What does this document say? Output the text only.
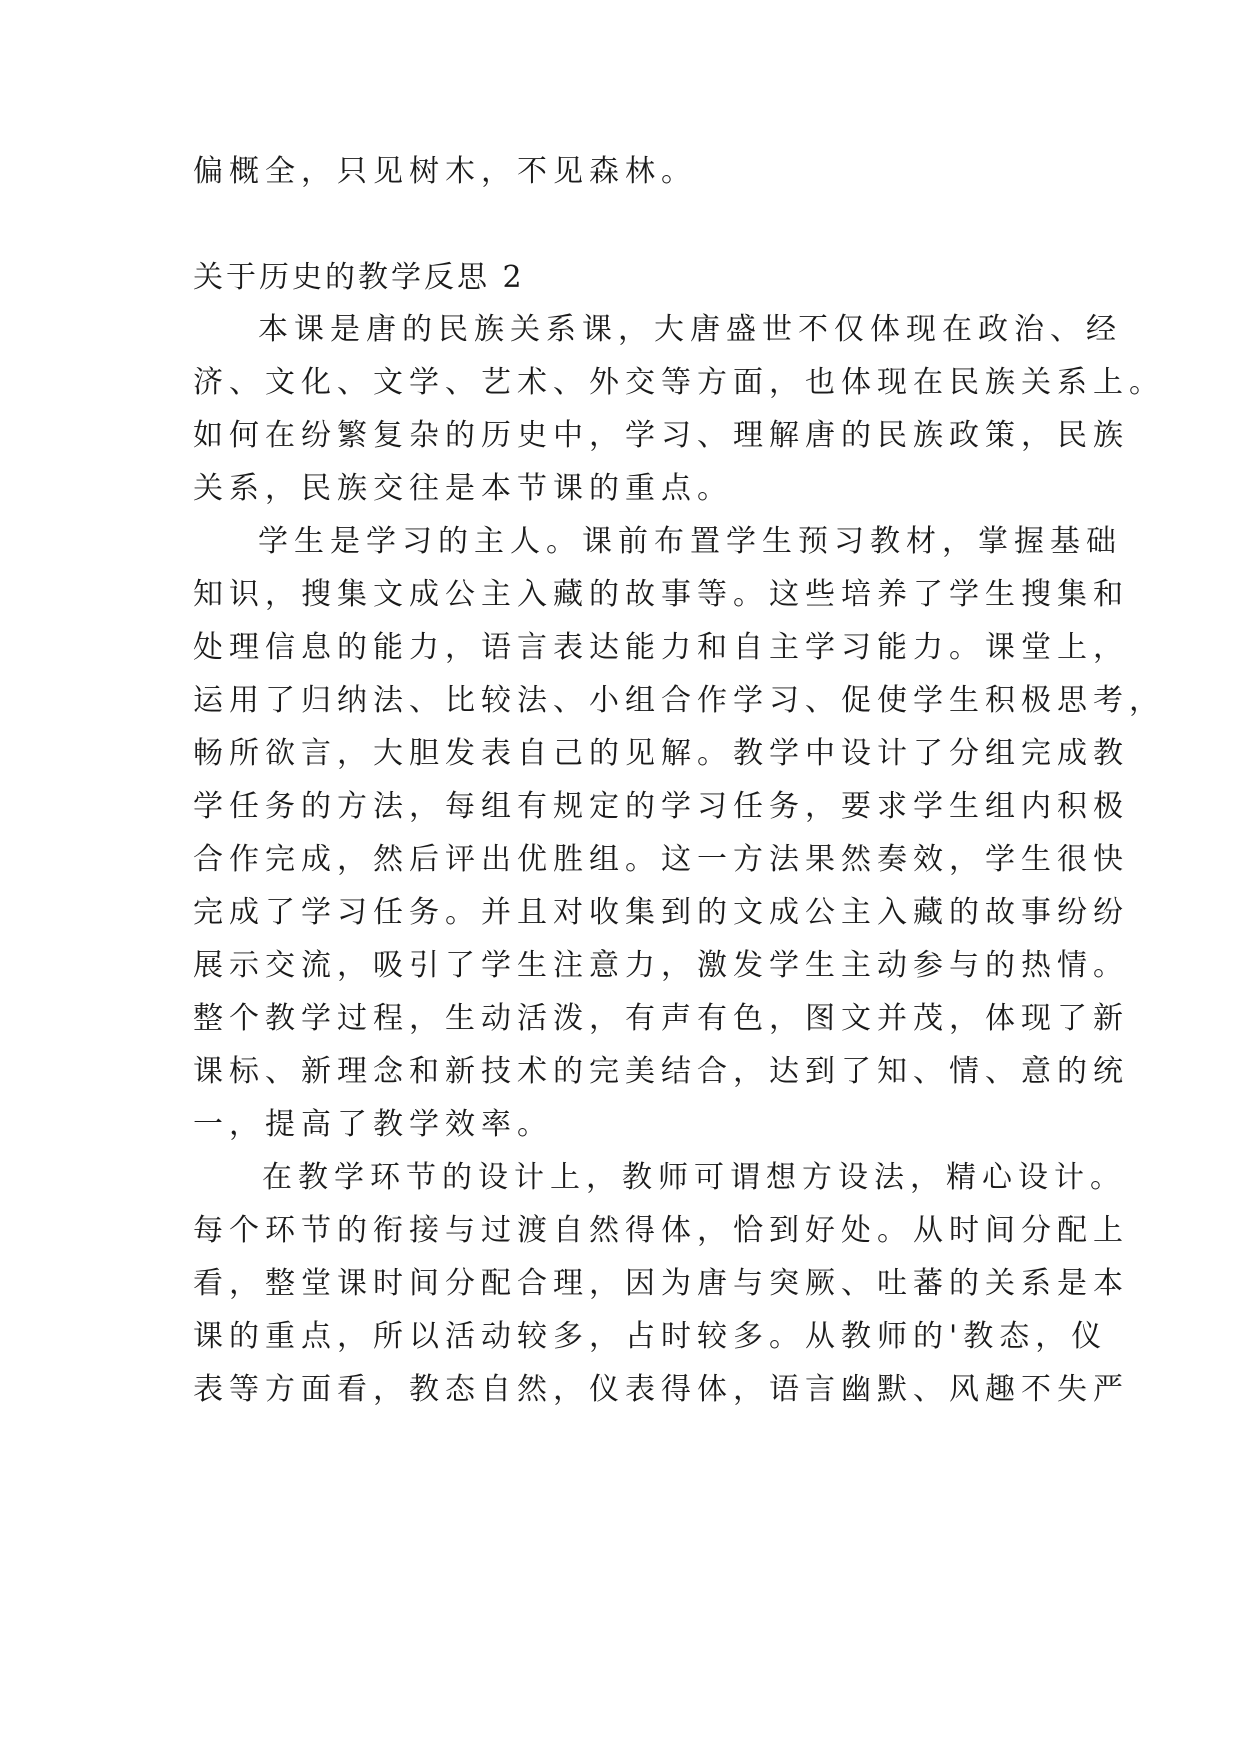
偏概全，只见树木，不见森林。
关于历史的教学反思 2
本课是唐的民族关系课，大唐盛世不仅体现在政治、经
济、文化、文学、艺术、外交等方面，也体现在民族关系上。
如何在纷繁复杂的历史中，学习、理解唐的民族政策，民族
关系，民族交往是本节课的重点。
学生是学习的主人。课前布置学生预习教材，掌握基础
知识，搜集文成公主入藏的故事等。这些培养了学生搜集和
处理信息的能力，语言表达能力和自主学习能力。课堂上，
运用了归纳法、比较法、小组合作学习、促使学生积极思考，
畅所欲言，大胆发表自己的见解。教学中设计了分组完成教
学任务的方法，每组有规定的学习任务，要求学生组内积极
合作完成，然后评出优胜组。这一方法果然奏效，学生很快
完成了学习任务。并且对收集到的文成公主入藏的故事纷纷
展示交流，吸引了学生注意力，激发学生主动参与的热情。
整个教学过程，生动活泼，有声有色，图文并茂，体现了新
课标、新理念和新技术的完美结合，达到了知、情、意的统
一，提高了教学效率。
在教学环节的设计上，教师可谓想方设法，精心设计。
每个环节的衔接与过渡自然得体，恰到好处。从时间分配上
看，整堂课时间分配合理，因为唐与突厥、吐蕃的关系是本
课的重点，所以活动较多，占时较多。从教师的'教态，仪
表等方面看，教态自然，仪表得体，语言幽默、风趣不失严
